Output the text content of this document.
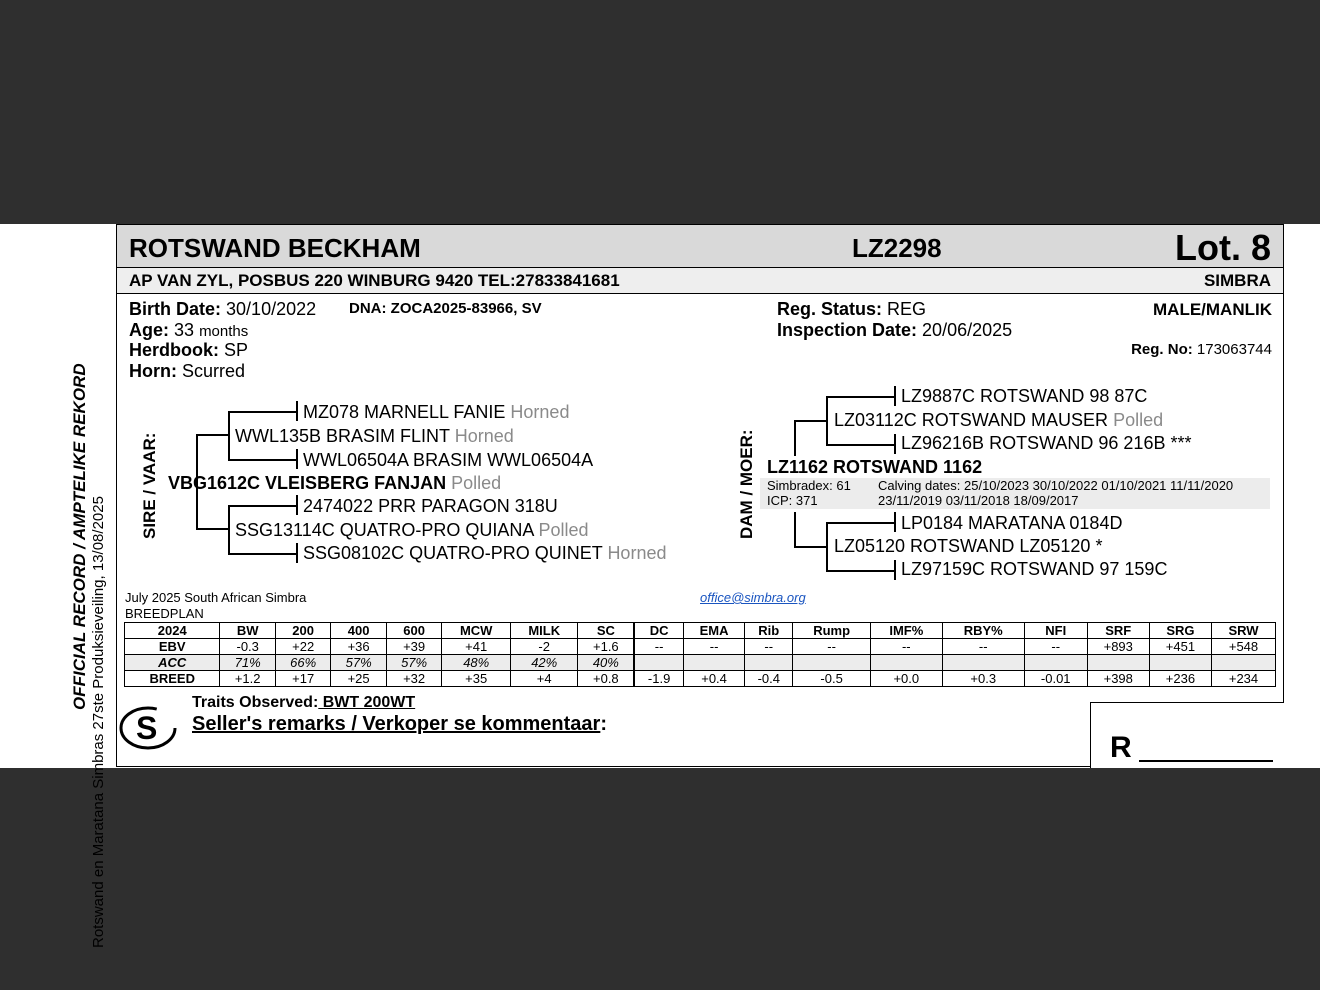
OFFICIAL RECORD / AMPTELIKE REKORD Rotswand en Maratana Simbras 27ste Produksieveiling, 13/08/2025
ROTSWAND BECKHAM	LZ2298	Lot. 8
AP VAN ZYL, POSBUS 220 WINBURG 9420 TEL:27833841681	SIMBRA
Birth Date: 30/10/2022 DNA: ZOCA2025-83966, SV
Age: 33 months
Herdbook: SP
Horn: Scurred
Reg. Status: REG
Inspection Date: 20/06/2025
MALE/MANLIK
Reg. No: 173063744
SIRE / VAAR:
MZ078 MARNELL FANIE Horned
WWL135B BRASIM FLINT Horned
WWL06504A BRASIM WWL06504A
VBG1612C VLEISBERG FANJAN Polled
2474022 PRR PARAGON 318U
SSG13114C QUATRO-PRO QUIANA Polled
SSG08102C QUATRO-PRO QUINET Horned
DAM / MOER:
LZ9887C ROTSWAND 98 87C
LZ03112C ROTSWAND MAUSER Polled
LZ96216B ROTSWAND 96 216B ***
LZ1162 ROTSWAND 1162
Simbradex: 61
ICP: 371
Calving dates: 25/10/2023 30/10/2022 01/10/2021 11/11/2020
23/11/2019 03/11/2018 18/09/2017
LP0184 MARATANA 0184D
LZ05120 ROTSWAND LZ05120 *
LZ97159C ROTSWAND 97 159C
July 2025 South African Simbra
BREEDPLAN
office@simbra.org
2024	BW	200	400	600	MCW	MILK	SC	DC	EMA	Rib	Rump	IMF%	RBY%	NFI	SRF	SRG	SRW
EBV	-0.3	+22	+36	+39	+41	-2	+1.6	--	--	--	--	--	--	--	+893	+451	+548
ACC	71%	66%	57%	57%	48%	42%	40%										
BREED	+1.2	+17	+25	+32	+35	+4	+0.8	-1.9	+0.4	-0.4	-0.5	+0.0	+0.3	-0.01	+398	+236	+234
S
Traits Observed: BWT 200WT
Seller's remarks / Verkoper se kommentaar:
R
